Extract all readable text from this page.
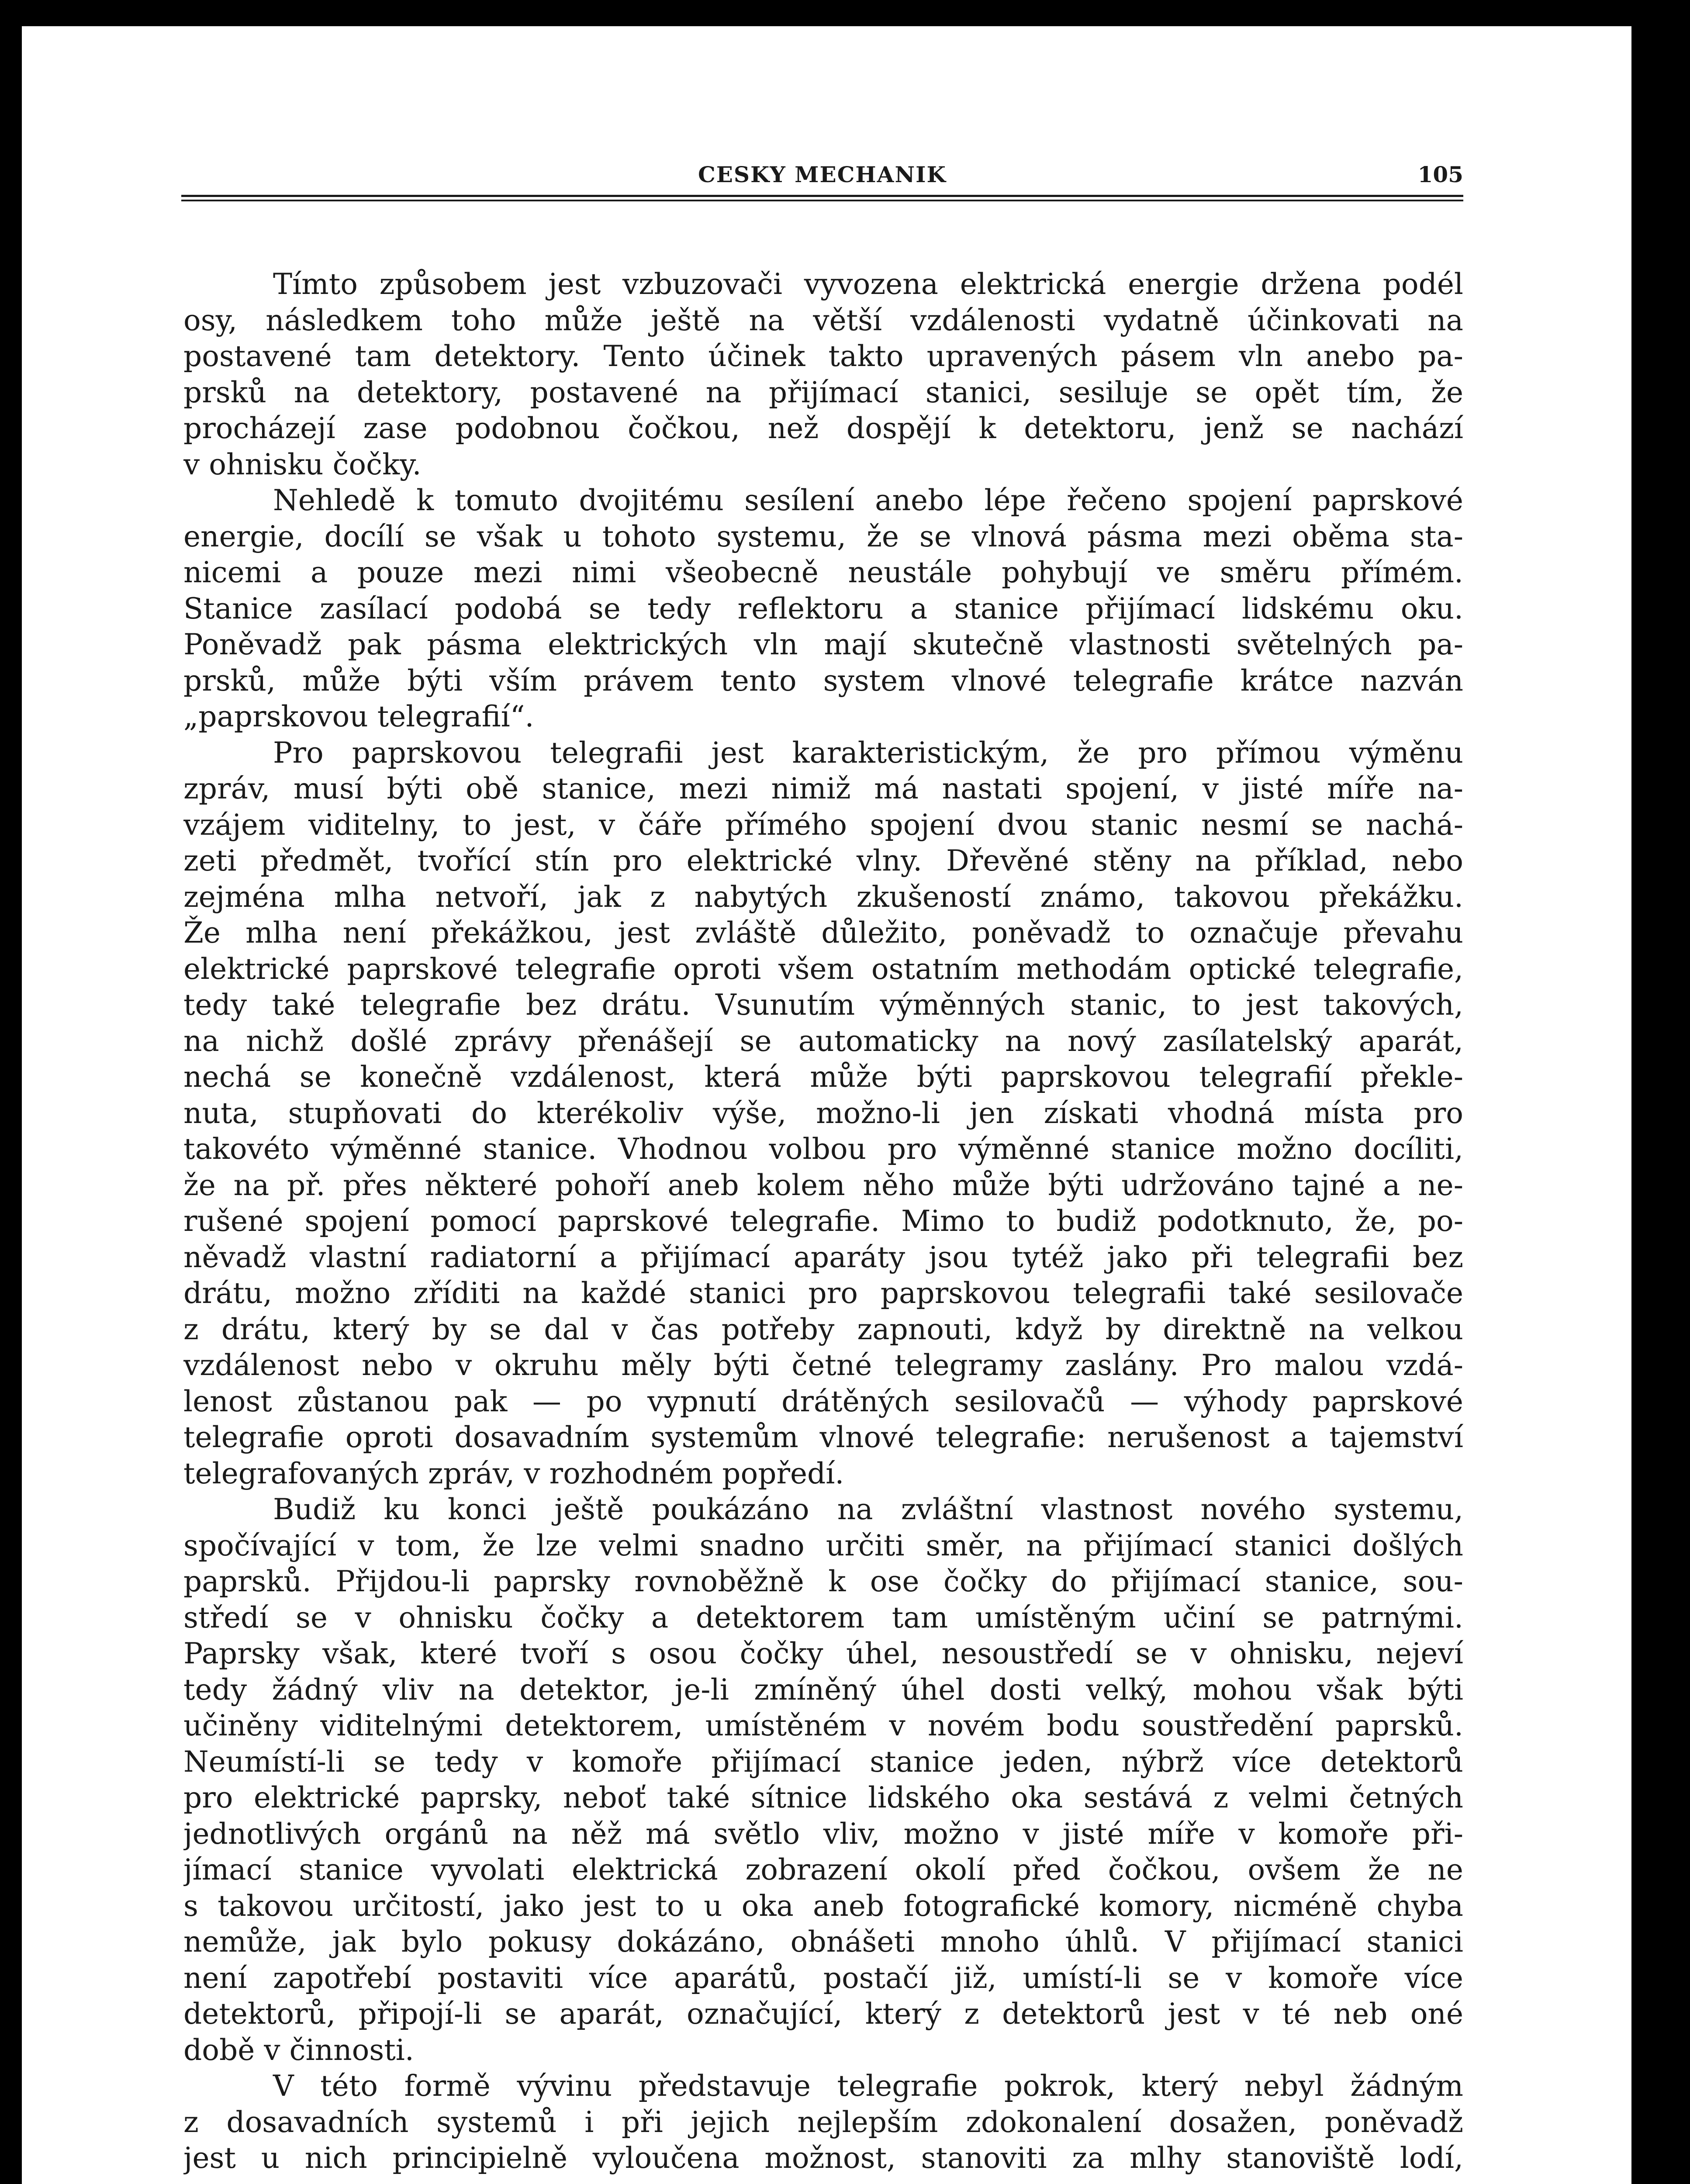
CESKY MECHANIK	105
Tímto způsobem jest vzbuzovači vyvozena elektrická energie držena podél
osy, následkem toho může ještě na větší vzdálenosti vydatně účinkovati na
postavené tam detektory. Tento účinek takto upravených pásem vln anebo pa-
prsků na detektory, postavené na přijímací stanici, sesiluje se opět tím, že
procházejí zase podobnou čočkou, než dospějí k detektoru, jenž se nachází
v ohnisku čočky.
Nehledě k tomuto dvojitému sesílení anebo lépe řečeno spojení paprskové
energie, docílí se však u tohoto systemu, že se vlnová pásma mezi oběma sta-
nicemi a pouze mezi nimi všeobecně neustále pohybují ve směru přímém.
Stanice zasílací podobá se tedy reflektoru a stanice přijímací lidskému oku.
Poněvadž pak pásma elektrických vln mají skutečně vlastnosti světelných pa-
prsků, může býti vším právem tento system vlnové telegrafie krátce nazván
„paprskovou telegrafií“.
Pro paprskovou telegrafii jest karakteristickým, že pro přímou výměnu
zpráv, musí býti obě stanice, mezi nimiž má nastati spojení, v jisté míře na-
vzájem viditelny, to jest, v čáře přímého spojení dvou stanic nesmí se nachá-
zeti předmět, tvořící stín pro elektrické vlny. Dřevěné stěny na příklad, nebo
zejména mlha netvoří, jak z nabytých zkušeností známo, takovou překážku.
Že mlha není překážkou, jest zvláště důležito, poněvadž to označuje převahu
elektrické paprskové telegrafie oproti všem ostatním methodám optické telegrafie,
tedy také telegrafie bez drátu. Vsunutím výměnných stanic, to jest takových,
na nichž došlé zprávy přenášejí se automaticky na nový zasílatelský aparát,
nechá se konečně vzdálenost, která může býti paprskovou telegrafií překle-
nuta, stupňovati do kterékoliv výše, možno-li jen získati vhodná místa pro
takovéto výměnné stanice. Vhodnou volbou pro výměnné stanice možno docíliti,
že na př. přes některé pohoří aneb kolem něho může býti udržováno tajné a ne-
rušené spojení pomocí paprskové telegrafie. Mimo to budiž podotknuto, že, po-
něvadž vlastní radiatorní a přijímací aparáty jsou tytéž jako při telegrafii bez
drátu, možno zříditi na každé stanici pro paprskovou telegrafii také sesilovače
z drátu, který by se dal v čas potřeby zapnouti, když by direktně na velkou
vzdálenost nebo v okruhu měly býti četné telegramy zaslány. Pro malou vzdá-
lenost zůstanou pak — po vypnutí drátěných sesilovačů — výhody paprskové
telegrafie oproti dosavadním systemům vlnové telegrafie: nerušenost a tajemství
telegrafovaných zpráv, v rozhodném popředí.
Budiž ku konci ještě poukázáno na zvláštní vlastnost nového systemu,
spočívající v tom, že lze velmi snadno určiti směr, na přijímací stanici došlých
paprsků. Přijdou-li paprsky rovnoběžně k ose čočky do přijímací stanice, sou-
středí se v ohnisku čočky a detektorem tam umístěným učiní se patrnými.
Paprsky však, které tvoří s osou čočky úhel, nesoustředí se v ohnisku, nejeví
tedy žádný vliv na detektor, je-li zmíněný úhel dosti velký, mohou však býti
učiněny viditelnými detektorem, umístěném v novém bodu soustředění paprsků.
Neumístí-li se tedy v komoře přijímací stanice jeden, nýbrž více detektorů
pro elektrické paprsky, neboť také sítnice lidského oka sestává z velmi četných
jednotlivých orgánů na něž má světlo vliv, možno v jisté míře v komoře při-
jímací stanice vyvolati elektrická zobrazení okolí před čočkou, ovšem že ne
s takovou určitostí, jako jest to u oka aneb fotografické komory, nicméně chyba
nemůže, jak bylo pokusy dokázáno, obnášeti mnoho úhlů. V přijímací stanici
není zapotřebí postaviti více aparátů, postačí již, umístí-li se v komoře více
detektorů, připojí-li se aparát, označující, který z detektorů jest v té neb oné
době v činnosti.
V této formě vývinu představuje telegrafie pokrok, který nebyl žádným
z dosavadních systemů i při jejich nejlepším zdokonalení dosažen, poněvadž
jest u nich principielně vyloučena možnost, stanoviti za mlhy stanoviště lodí,
